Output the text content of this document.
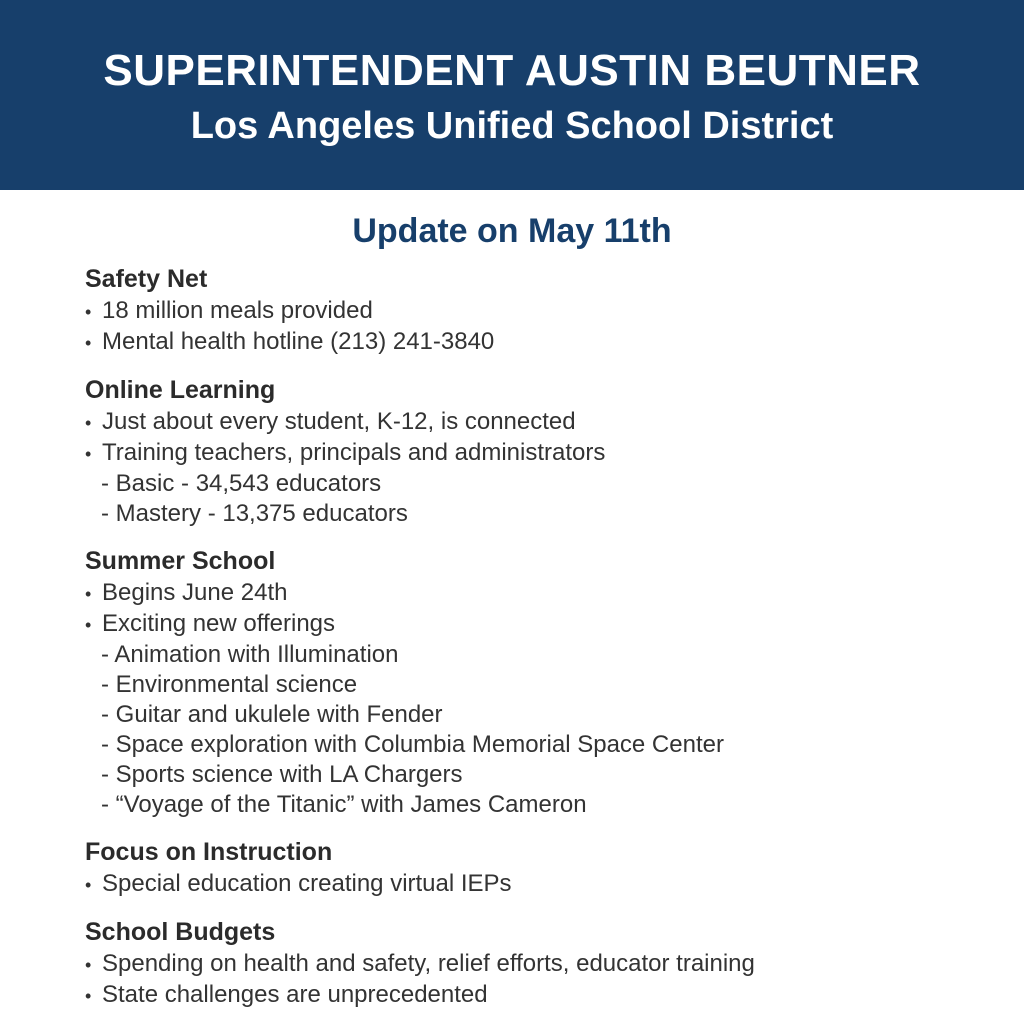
SUPERINTENDENT AUSTIN BEUTNER
Los Angeles Unified School District
Update on May 11th
Safety Net
• 18 million meals provided
• Mental health hotline (213) 241-3840
Online Learning
• Just about every student, K-12, is connected
• Training teachers, principals and administrators
- Basic - 34,543 educators
- Mastery - 13,375 educators
Summer School
• Begins June 24th
• Exciting new offerings
- Animation with Illumination
- Environmental science
- Guitar and ukulele with Fender
- Space exploration with Columbia Memorial Space Center
- Sports science with LA Chargers
- “Voyage of the Titanic” with James Cameron
Focus on Instruction
• Special education creating virtual IEPs
School Budgets
• Spending on health and safety, relief efforts, educator training
• State challenges are unprecedented
